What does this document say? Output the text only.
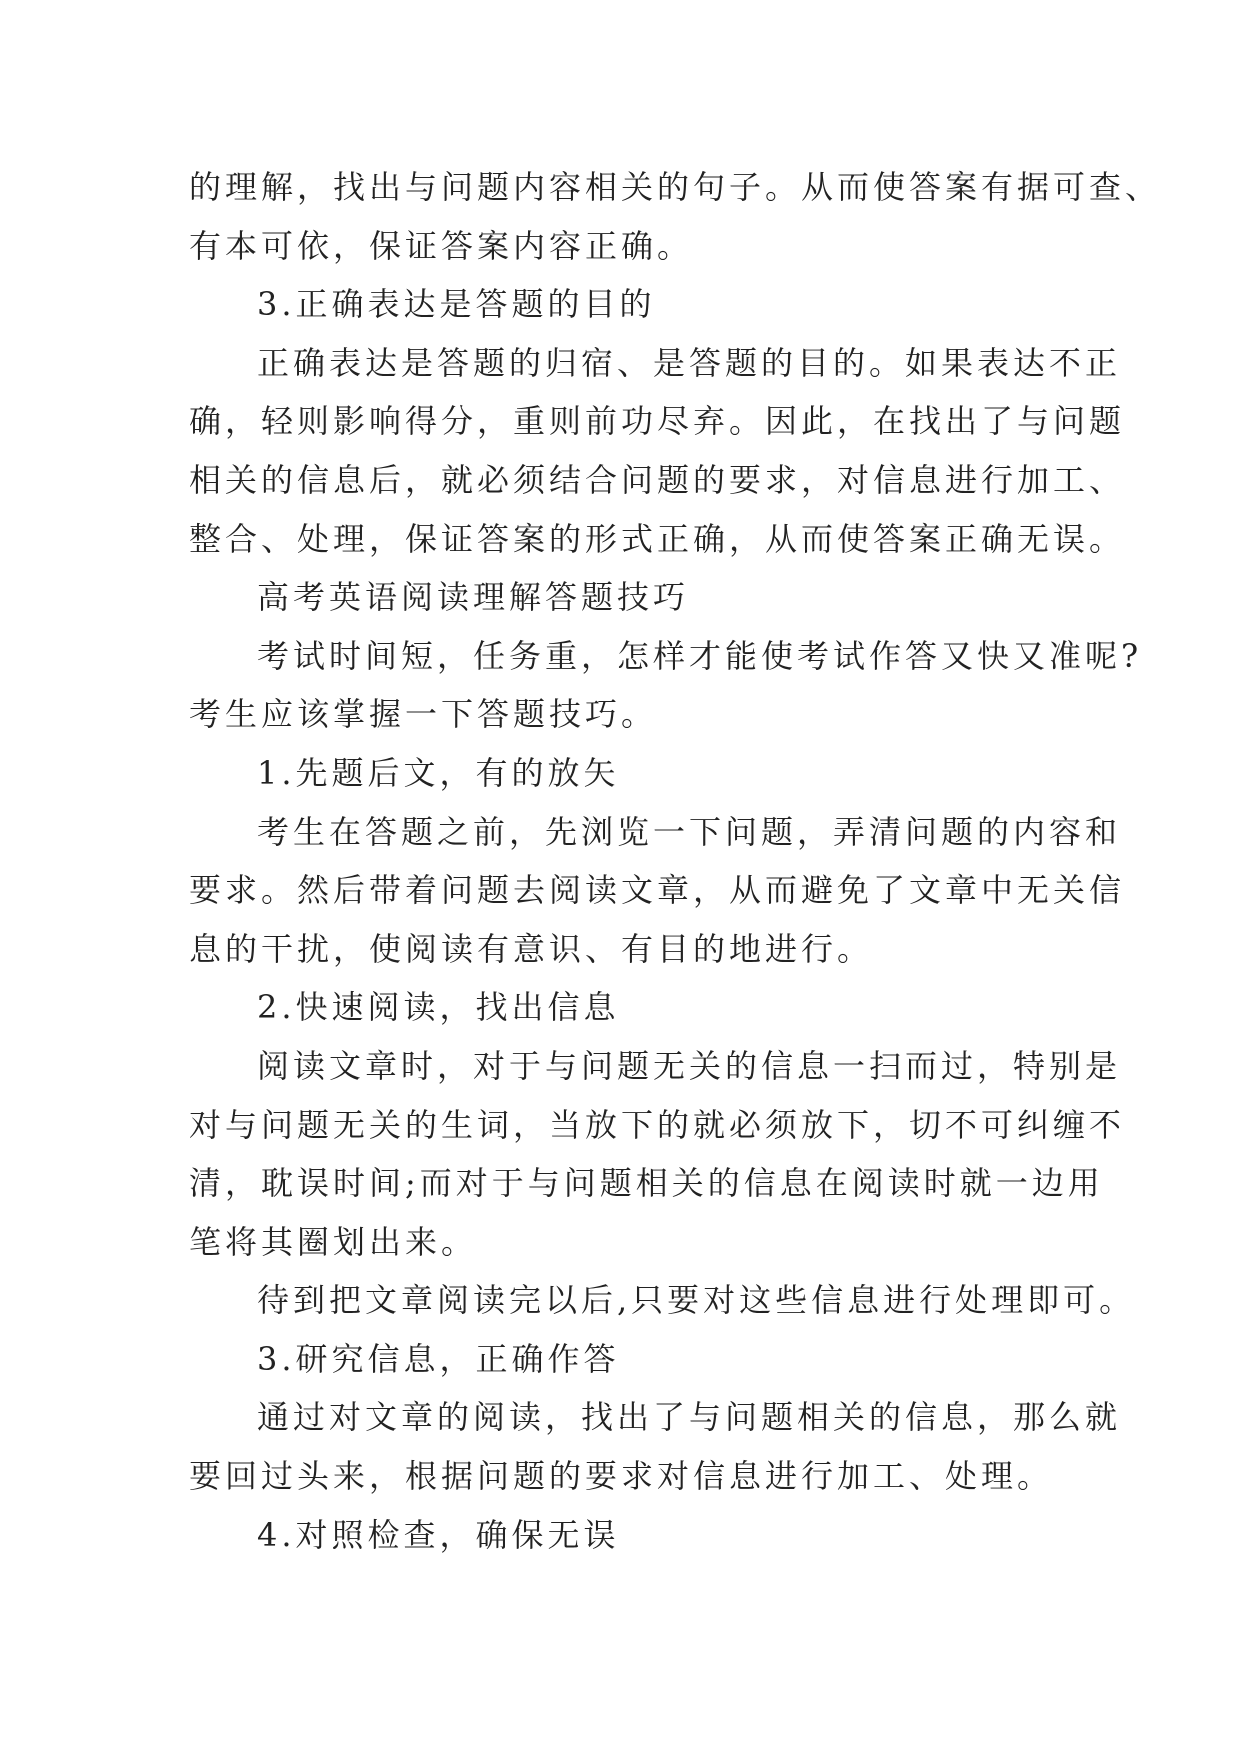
的理解，找出与问题内容相关的句子。从而使答案有据可查、
有本可依，保证答案内容正确。
3.正确表达是答题的目的
正确表达是答题的归宿、是答题的目的。如果表达不正
确，轻则影响得分，重则前功尽弃。因此，在找出了与问题
相关的信息后，就必须结合问题的要求，对信息进行加工、
整合、处理，保证答案的形式正确，从而使答案正确无误。
高考英语阅读理解答题技巧
考试时间短，任务重，怎样才能使考试作答又快又准呢?
考生应该掌握一下答题技巧。
1.先题后文，有的放矢
考生在答题之前，先浏览一下问题，弄清问题的内容和
要求。然后带着问题去阅读文章，从而避免了文章中无关信
息的干扰，使阅读有意识、有目的地进行。
2.快速阅读，找出信息
阅读文章时，对于与问题无关的信息一扫而过，特别是
对与问题无关的生词，当放下的就必须放下，切不可纠缠不
清，耽误时间;而对于与问题相关的信息在阅读时就一边用
笔将其圈划出来。
待到把文章阅读完以后,只要对这些信息进行处理即可。
3.研究信息，正确作答
通过对文章的阅读，找出了与问题相关的信息，那么就
要回过头来，根据问题的要求对信息进行加工、处理。
4.对照检查，确保无误
